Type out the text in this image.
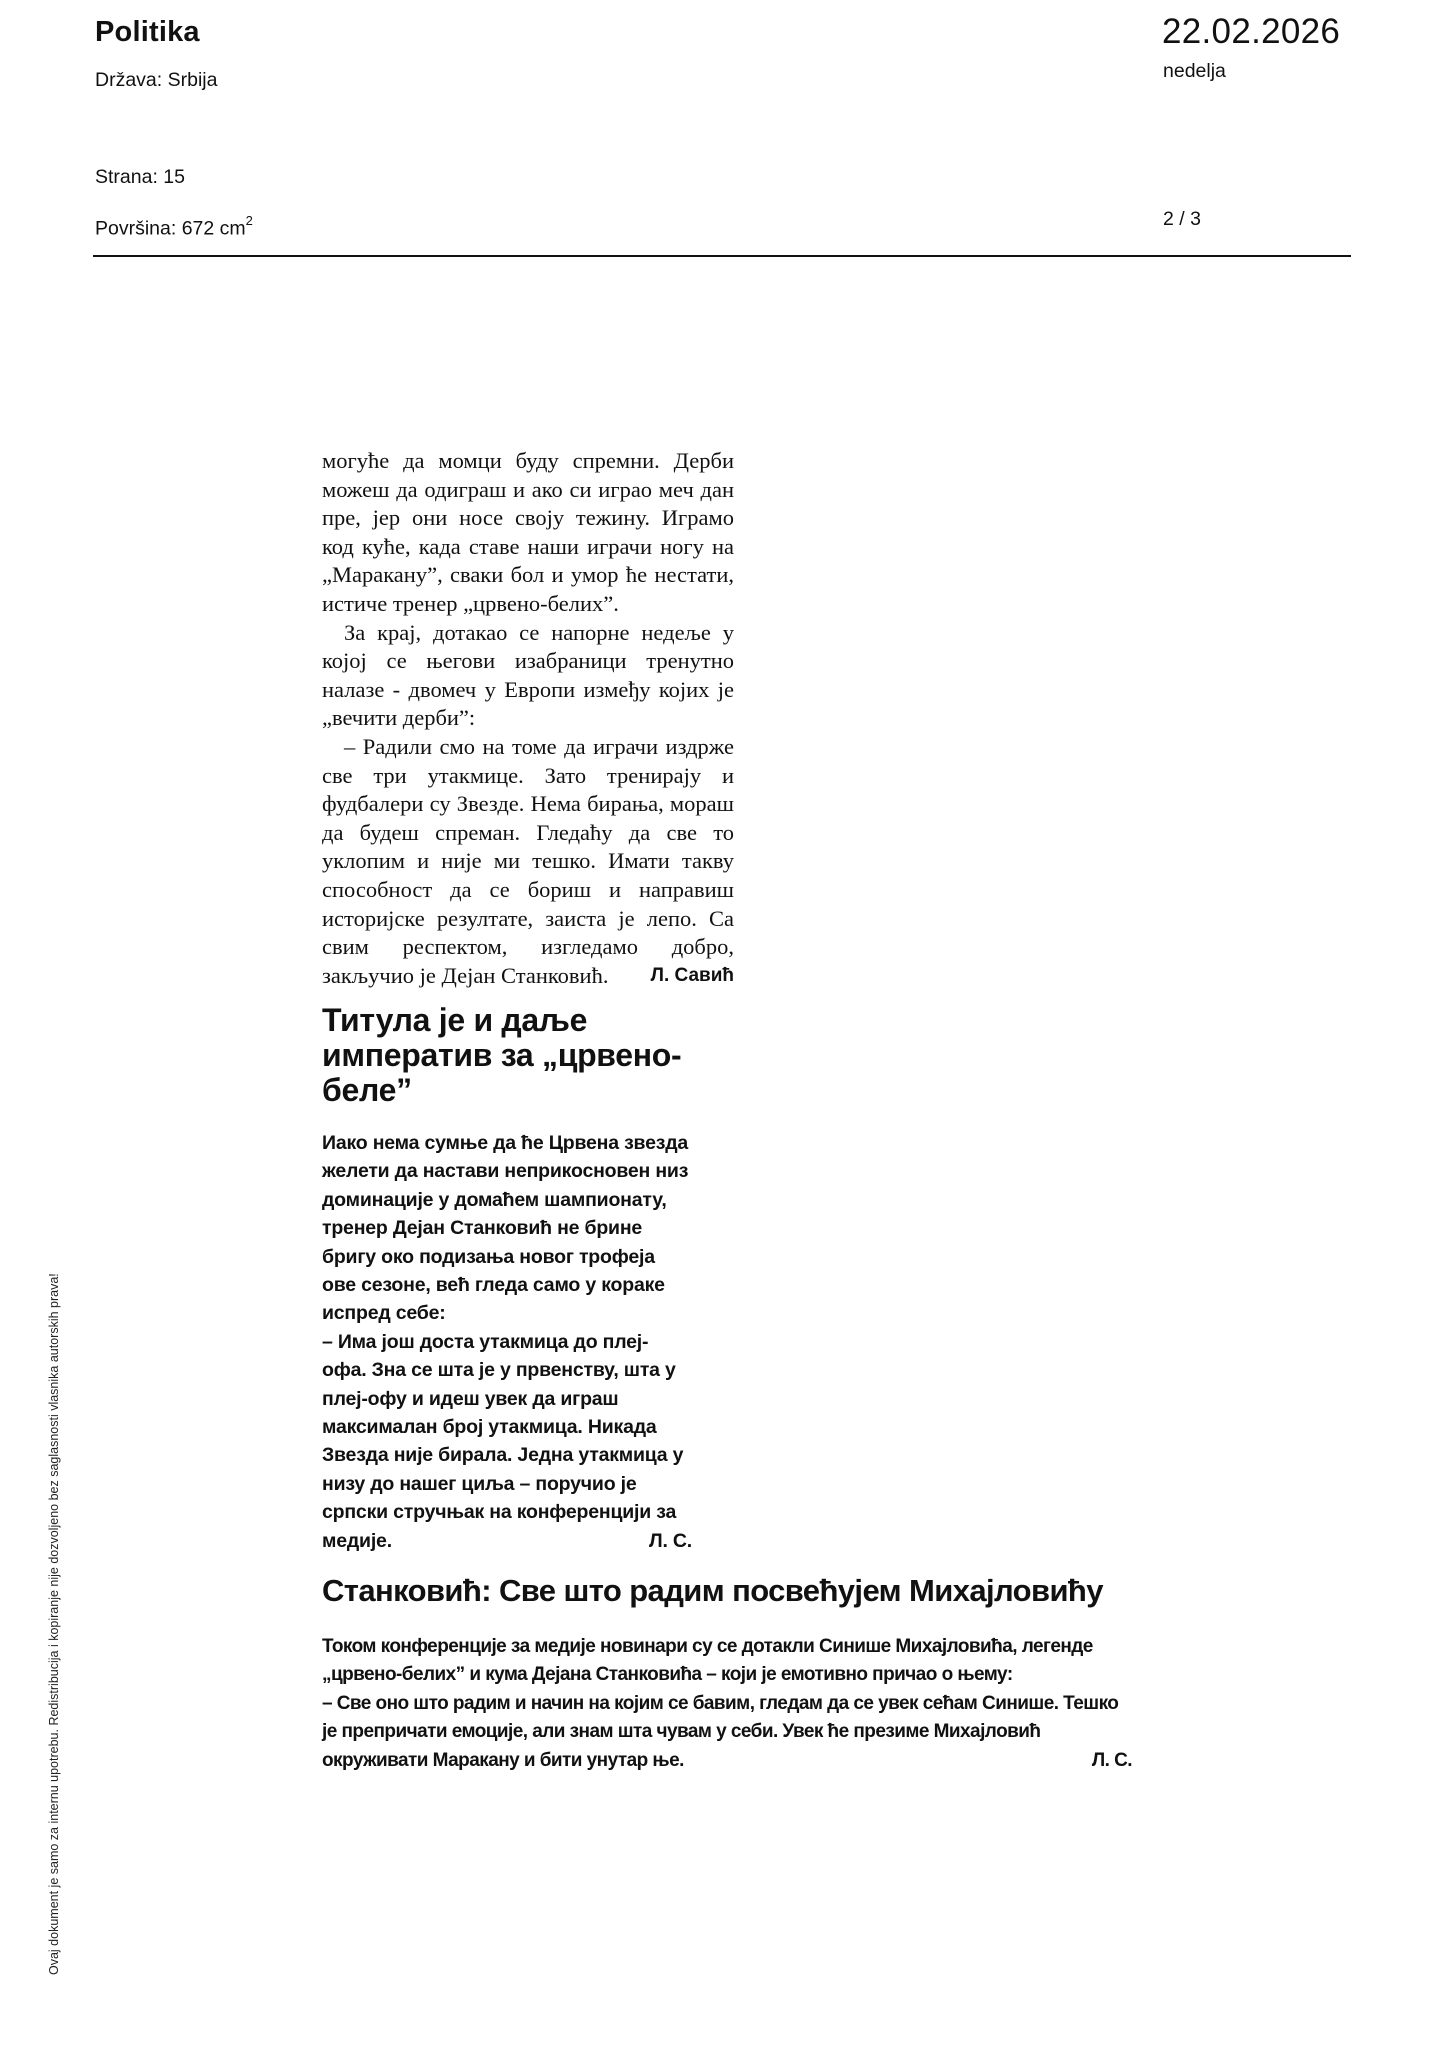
Politika
Država: Srbija
Strana: 15
Površina: 672 $cm^2$
22.02.2026
nedelja
2 / 3

могуће да момци буду спремни. Дерби можеш да одиграш и ако си играо меч дан пре, јер они носе своју тежину. Играмо код куће, када ставе наши играчи ногу на „Маракану”, сваки бол и умор ће нестати, истиче тренер „црвено-белих”.

За крај, дотакао се напорне недеље у којој се његови изабраници тренутно налазе - двомеч у Европи између којих је „вечити дерби”:

– Радили смо на томе да играчи издрже све три утакмице. Зато тренирају и фудбалери су Звезде. Нема бирања, мораш да будеш спреман. Гледаћу да све то уклопим и није ми тешко. Имати такву способност да се бориш и направиш историјске резултате, заиста је лепо. Са свим респектом, изгледамо добро, закључио је Дејан Станковић.	Л. Савић

Титула је и даље императив за „црвено-беле”

Иако нема сумње да ће Црвена звезда желети да настави неприкосновен низ доминације у домаћем шампионату, тренер Дејан Станковић не брине бригу око подизања новог трофеја ове сезоне, већ гледа само у кораке испред себе:

– Има још доста утакмица до плеј-офа. Зна се шта је у првенству, шта у плеј-офу и идеш увек да играш максималан број утакмица. Никада Звезда није бирала. Једна утакмица у низу до нашег циља – поручио је српски стручњак на конференцији за медије.	Л. С.

Станковић: Све што радим посвећујем Михајловићу

Током конференције за медије новинари су се дотакли Синише Михајловића, легенде „црвено-белих” и кума Дејана Станковића – који је емотивно причао о њему:

– Све оно што радим и начин на којим се бавим, гледам да се увек сећам Синише. Тешко је препричати емоције, али знам шта чувам у себи. Увек ће презиме Михајловић окруживати Маракану и бити унутар ње.	Л. С.

Ovaj dokument je samo za internu upotrebu. Redistribucija i kopiranje nije dozvoljeno bez saglasnosti vlasnika autorskih prava!
